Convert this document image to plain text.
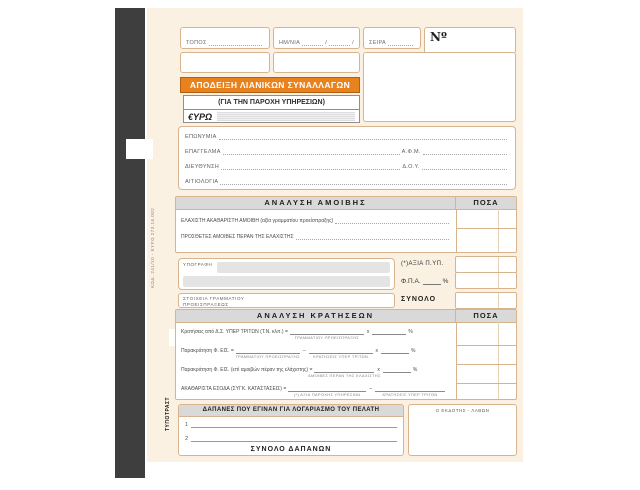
ΚΩΔ. 241/10 - ΕΥΡΩ 273.16.002
ΤΥΠΟΤΡΑΣΤ
ΤΟΠΟΣ	ΗΜ/ΝΙΑ	/	/	ΣΕΙΡΑ	Nº
ΑΠΟΔΕΙΞΗ ΛΙΑΝΙΚΩΝ ΣΥΝΑΛΛΑΓΩΝ
(ΓΙΑ ΤΗΝ ΠΑΡΟΧΗ ΥΠΗΡΕΣΙΩΝ)
€ΥΡΩ
ΕΠΩΝΥΜΙΑ
ΕΠΑΓΓΕΛΜΑ	Α.Φ.Μ.
ΔΙΕΥΘΥΝΣΗ	Δ.Ο.Υ.
ΑΙΤΙΟΛΟΓΙΑ
ΑΝΑΛΥΣΗ ΑΜΟΙΒΗΣ	ΠΟΣΑ
ΕΛΑΧΙΣΤΗ ΑΚΑΘΑΡΙΣΤΗ ΑΜΟΙΒΗ (αξία γραμματίου προείσπραξης)
ΠΡΟΣΘΕΤΕΣ ΑΜΟΙΒΕΣ ΠΕΡΑΝ ΤΗΣ ΕΛΑΧΙΣΤΗΣ
ΥΠΟΓΡΑΦΗ
ΣΤΟΙΧΕΙΑ ΓΡΑΜΜΑΤΙΟΥ
ΠΡΟΕΙΣΠΡΑΞΕΩΣ
(*)ΑΞΙΑ Π.ΥΠ.
Φ.Π.Α.	%
ΣΥΝΟΛΟ
ΑΝΑΛΥΣΗ ΚΡΑΤΗΣΕΩΝ	ΠΟΣΑ
Κρατήσεις από Δ.Σ. ΥΠΕΡ ΤΡΙΤΩΝ (Τ.Ν. κλπ.) =
ΓΡΑΜΜΑΤΙΟΥ ΠΡΟΕΙΣΠΡΑΞΗΣ
x	%
Παρακράτηση Φ. ΕΙΣ. =
ΓΡΑΜΜΑΤΙΟΥ ΠΡΟΕΙΣΠΡΑΞΗΣ
–
ΚΡΑΤΗΣΕΙΣ ΥΠΕΡ ΤΡΙΤΩΝ
x	%
Παρακράτηση Φ. ΕΙΣ. (επί αμοιβών πέραν της ελάχιστης) =
ΑΜΟΙΒΕΣ ΠΕΡΑΝ ΤΗΣ ΕΛΑΧΙΣΤΗΣ
x	%
ΑΚΑΘΑΡΙΣΤΑ ΕΣΟΔΑ (ΣΥΓΚ. ΚΑΤΑΣΤΑΣΕΙΣ) =
(*) ΑΞΙΑ ΠΑΡΟΧΗΣ ΥΠΗΡΕΣΙΩΝ
–
ΚΡΑΤΗΣΕΙΣ ΥΠΕΡ ΤΡΙΤΩΝ
ΔΑΠΑΝΕΣ ΠΟΥ ΕΓΙΝΑΝ ΓΙΑ ΛΟΓΑΡΙΑΣΜΟ ΤΟΥ ΠΕΛΑΤΗ
1
2
ΣΥΝΟΛΟ ΔΑΠΑΝΩΝ
Ο ΕΚΔΟΤΗΣ - ΛΑΒΩΝ
